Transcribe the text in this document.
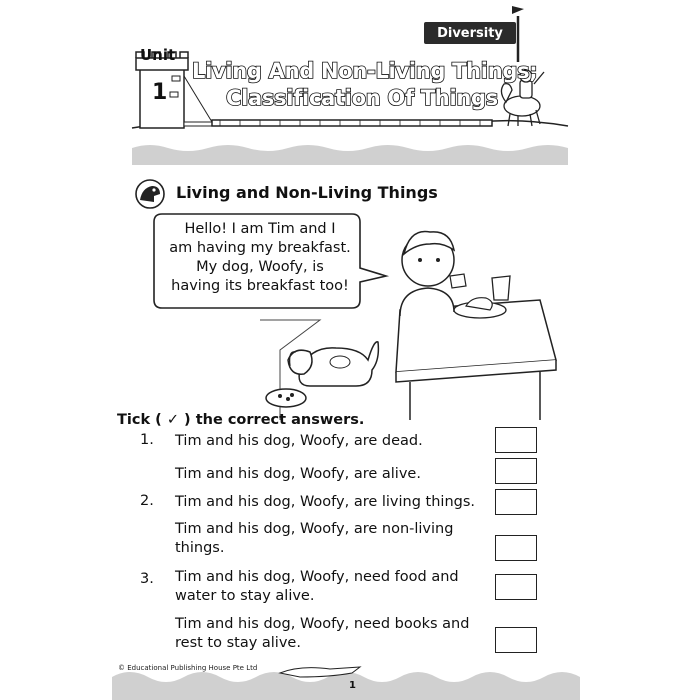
Diversity
Unit
1
Living And Non-Living Things;
Classification Of Things
Living and Non-Living Things
Hello! I am Tim and I
am having my breakfast.
My dog, Woofy, is
having its breakfast too!
Tick ( ✓ ) the correct answers.
1. Tim and his dog, Woofy, are dead.
Tim and his dog, Woofy, are alive.
2. Tim and his dog, Woofy, are living things.
Tim and his dog, Woofy, are non-living things.
3. Tim and his dog, Woofy, need food and water to stay alive.
Tim and his dog, Woofy, need books and rest to stay alive.
© Educational Publishing House Pte Ltd
1
